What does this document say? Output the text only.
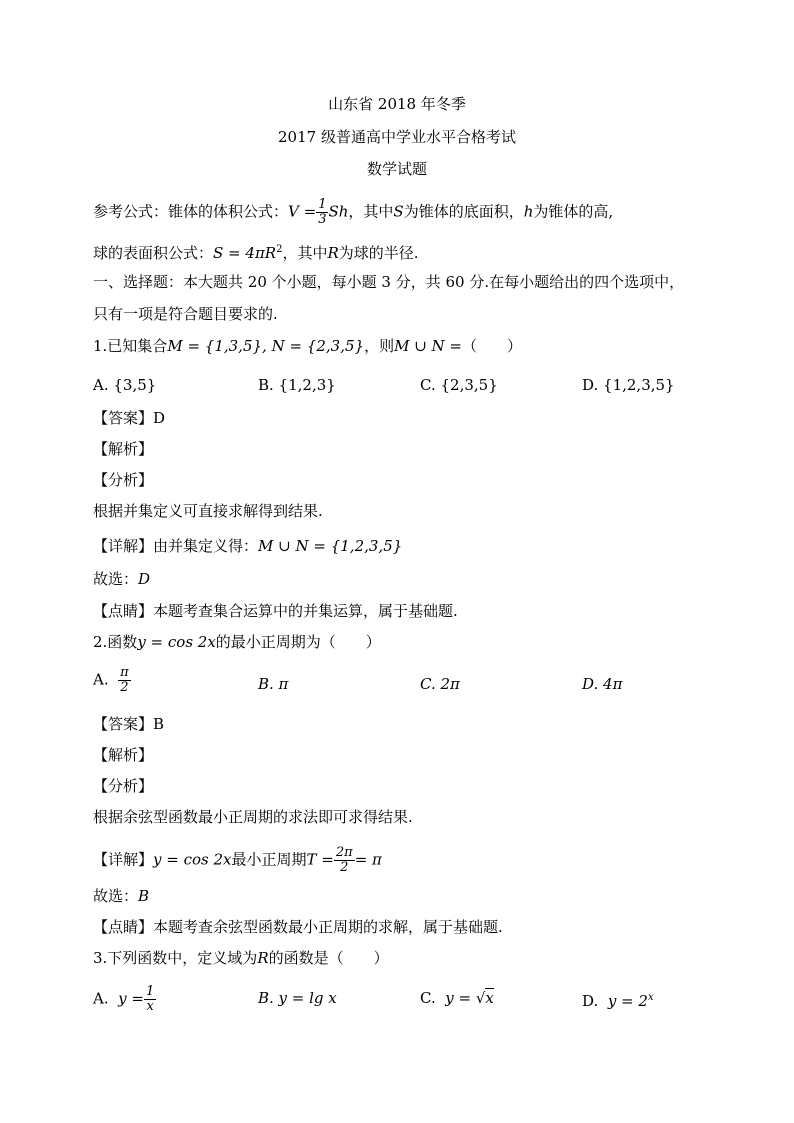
山东省 2018 年冬季
2017 级普通高中学业水平合格考试
数学试题
参考公式：锥体的体积公式：$V = \frac{1}{3}$ Sh，其中S为锥体的底面积，h为锥体的高,
球的表面积公式：$S = 4\pi R^2$，其中R为球的半径.
一、选择题：本大题共 20 个小题，每小题 3 分，共 60 分.在每小题给出的四个选项中，
只有一项是符合题目要求的.
1.已知集合M = {1,3,5}, N = {2,3,5}，则M ∪ N =（　　）
A. {3,5}	B. {1,2,3}	C. {2,3,5}	D. {1,2,3,5}
【答案】D
【解析】
【分析】
根据并集定义可直接求解得到结果.
【详解】由并集定义得：M ∪ N = {1,2,3,5}
故选：D
【点睛】本题考查集合运算中的并集运算，属于基础题.
2.函数y = cos 2x的最小正周期为（　　）
A. $\frac{\pi}{2}$	B. π	C. 2π	D. 4π
【答案】B
【解析】
【分析】
根据余弦型函数最小正周期的求法即可求得结果.
【详解】y = cos 2x最小正周期$T = \frac{2\pi}{2} = \pi$
故选：B
【点睛】本题考查余弦型函数最小正周期的求解，属于基础题.
3.下列函数中，定义域为R的函数是（　　）
A. $y = \frac{1}{x}$	B. y = lg x	C. y = √x	D. $y = 2^x$
